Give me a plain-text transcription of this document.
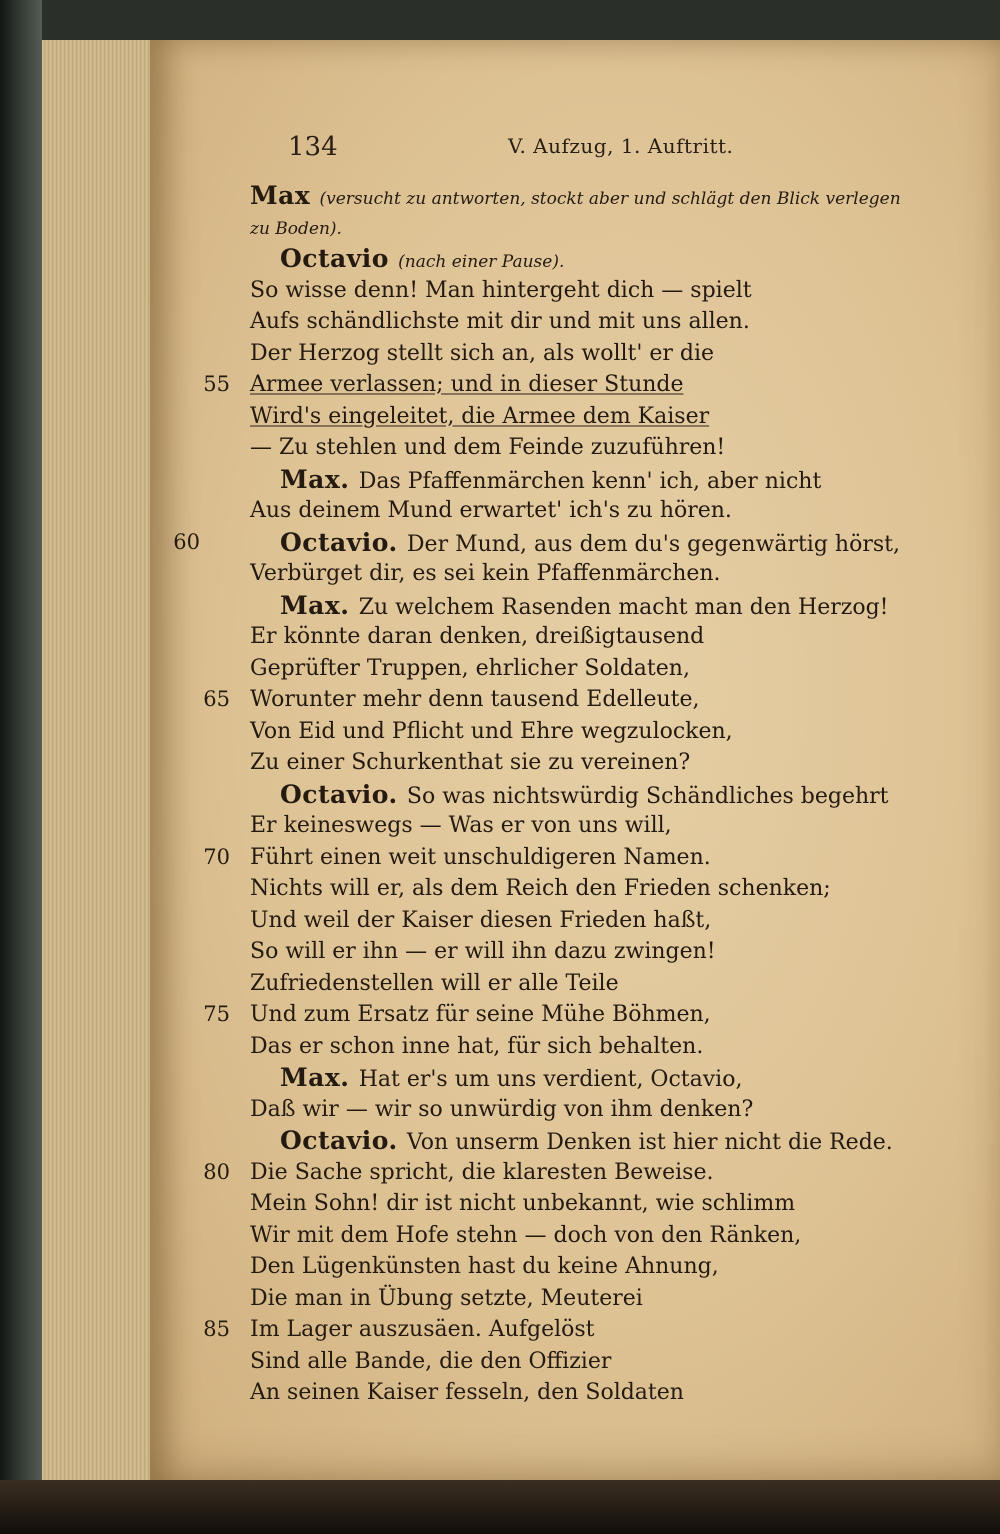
134	V. Aufzug, 1. Auftritt.
Max (versucht zu antworten, stockt aber und schlägt den Blick verlegen
zu Boden).
Octavio (nach einer Pause).
So wisse denn! Man hintergeht dich — spielt
Aufs schändlichste mit dir und mit uns allen.
Der Herzog stellt sich an, als wollt' er die
55 Armee verlassen; und in dieser Stunde
Wird's eingeleitet, die Armee dem Kaiser
— Zu stehlen und dem Feinde zuzuführen!
Max. Das Pfaffenmärchen kenn' ich, aber nicht
Aus deinem Mund erwartet' ich's zu hören.
60	Octavio. Der Mund, aus dem du's gegenwärtig hörst,
Verbürget dir, es sei kein Pfaffenmärchen.
Max. Zu welchem Rasenden macht man den Herzog!
Er könnte daran denken, dreißigtausend
Geprüfter Truppen, ehrlicher Soldaten,
65 Worunter mehr denn tausend Edelleute,
Von Eid und Pflicht und Ehre wegzulocken,
Zu einer Schurkenthat sie zu vereinen?
Octavio. So was nichtswürdig Schändliches begehrt
Er keineswegs — Was er von uns will,
70 Führt einen weit unschuldigeren Namen.
Nichts will er, als dem Reich den Frieden schenken;
Und weil der Kaiser diesen Frieden haßt,
So will er ihn — er will ihn dazu zwingen!
Zufriedenstellen will er alle Teile
75 Und zum Ersatz für seine Mühe Böhmen,
Das er schon inne hat, für sich behalten.
Max. Hat er's um uns verdient, Octavio,
Daß wir — wir so unwürdig von ihm denken?
Octavio. Von unserm Denken ist hier nicht die Rede.
80 Die Sache spricht, die klaresten Beweise.
Mein Sohn! dir ist nicht unbekannt, wie schlimm
Wir mit dem Hofe stehn — doch von den Ränken,
Den Lügenkünsten hast du keine Ahnung,
Die man in Übung setzte, Meuterei
85 Im Lager auszusäen. Aufgelöst
Sind alle Bande, die den Offizier
An seinen Kaiser fesseln, den Soldaten
